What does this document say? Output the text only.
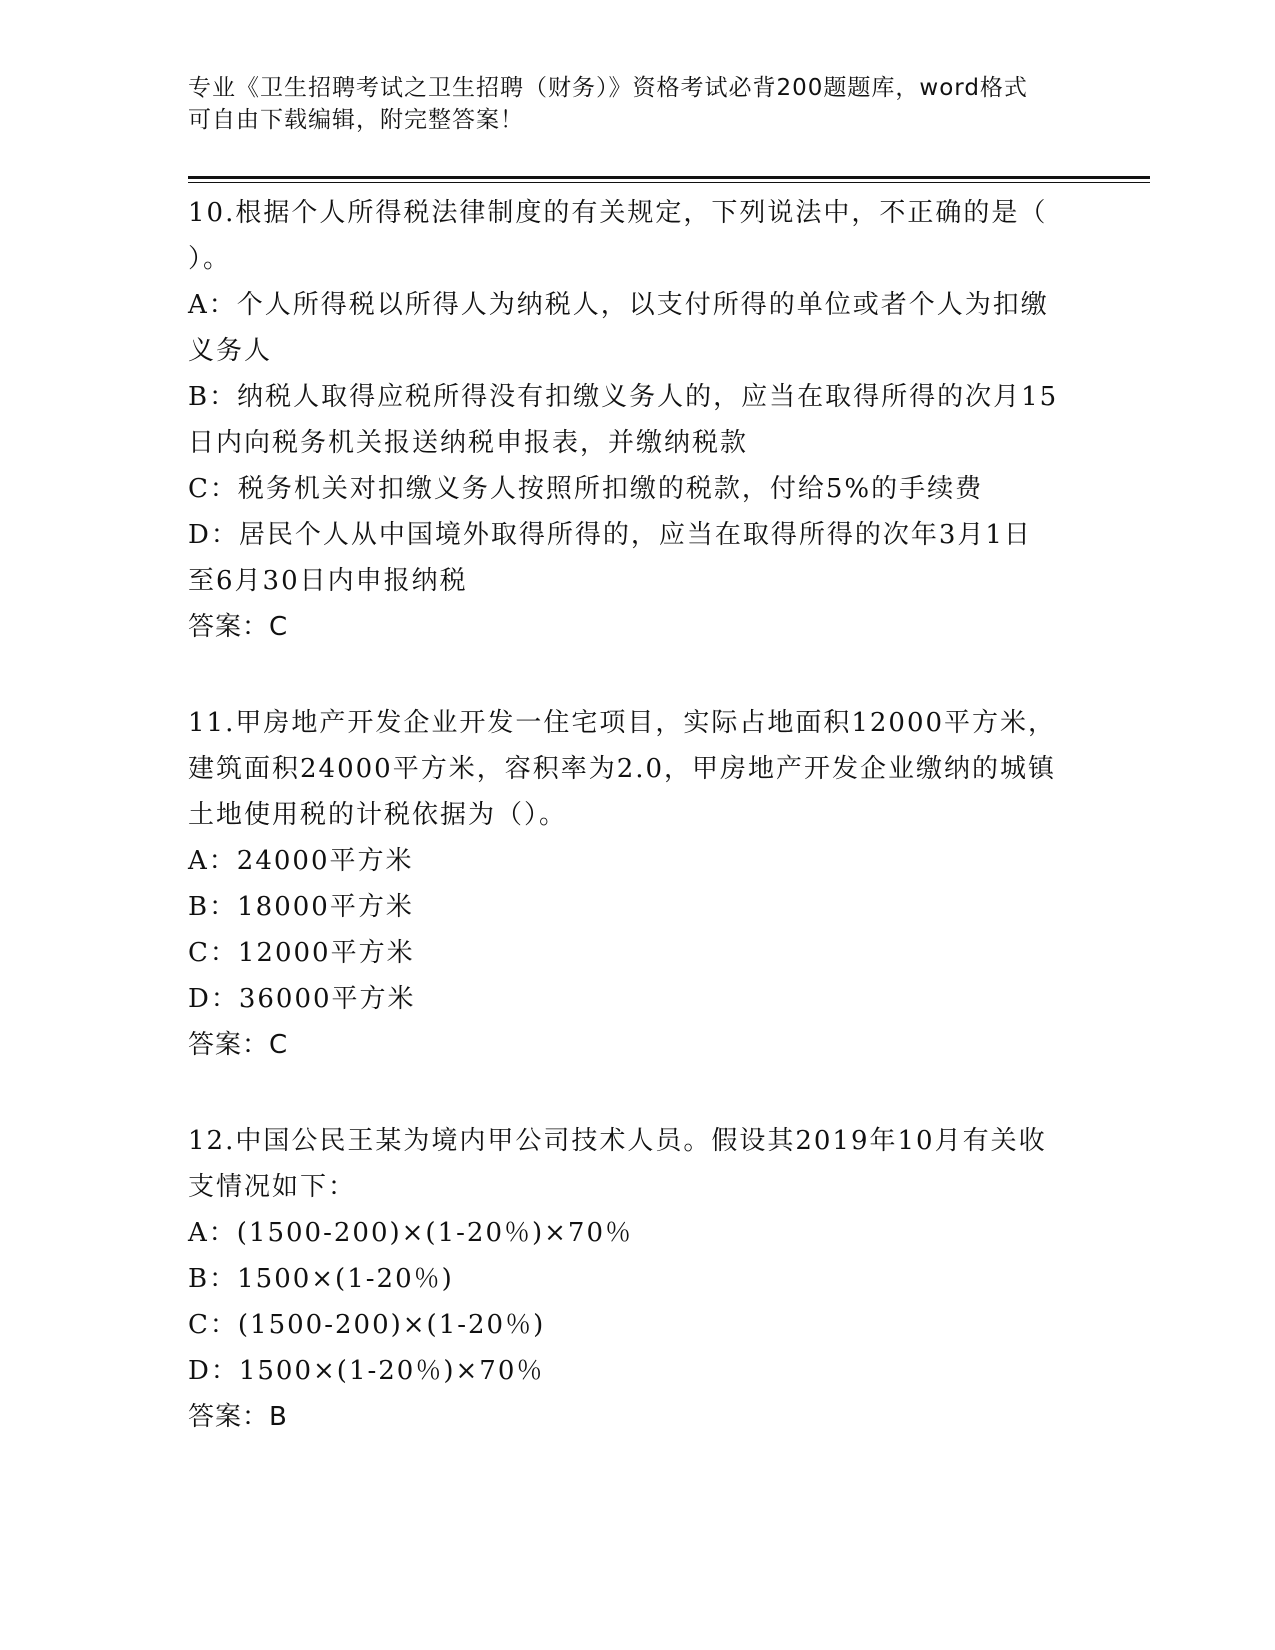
专业《卫生招聘考试之卫生招聘（财务）》资格考试必背200题题库，word格式
可自由下载编辑，附完整答案！
10.根据个人所得税法律制度的有关规定，下列说法中，不正确的是（
）。
A：个人所得税以所得人为纳税人，以支付所得的单位或者个人为扣缴
义务人
B：纳税人取得应税所得没有扣缴义务人的，应当在取得所得的次月15
日内向税务机关报送纳税申报表，并缴纳税款
C：税务机关对扣缴义务人按照所扣缴的税款，付给5%的手续费
D：居民个人从中国境外取得所得的，应当在取得所得的次年3月1日
至6月30日内申报纳税
答案：C
11.甲房地产开发企业开发一住宅项目，实际占地面积12000平方米，
建筑面积24000平方米，容积率为2.0，甲房地产开发企业缴纳的城镇
土地使用税的计税依据为（）。
A：24000平方米
B：18000平方米
C：12000平方米
D：36000平方米
答案：C
12.中国公民王某为境内甲公司技术人员。假设其2019年10月有关收
支情况如下：
A：(1500-200)×(1-20％)×70％
B：1500×(1-20％)
C：(1500-200)×(1-20％)
D：1500×(1-20％)×70％
答案：B
